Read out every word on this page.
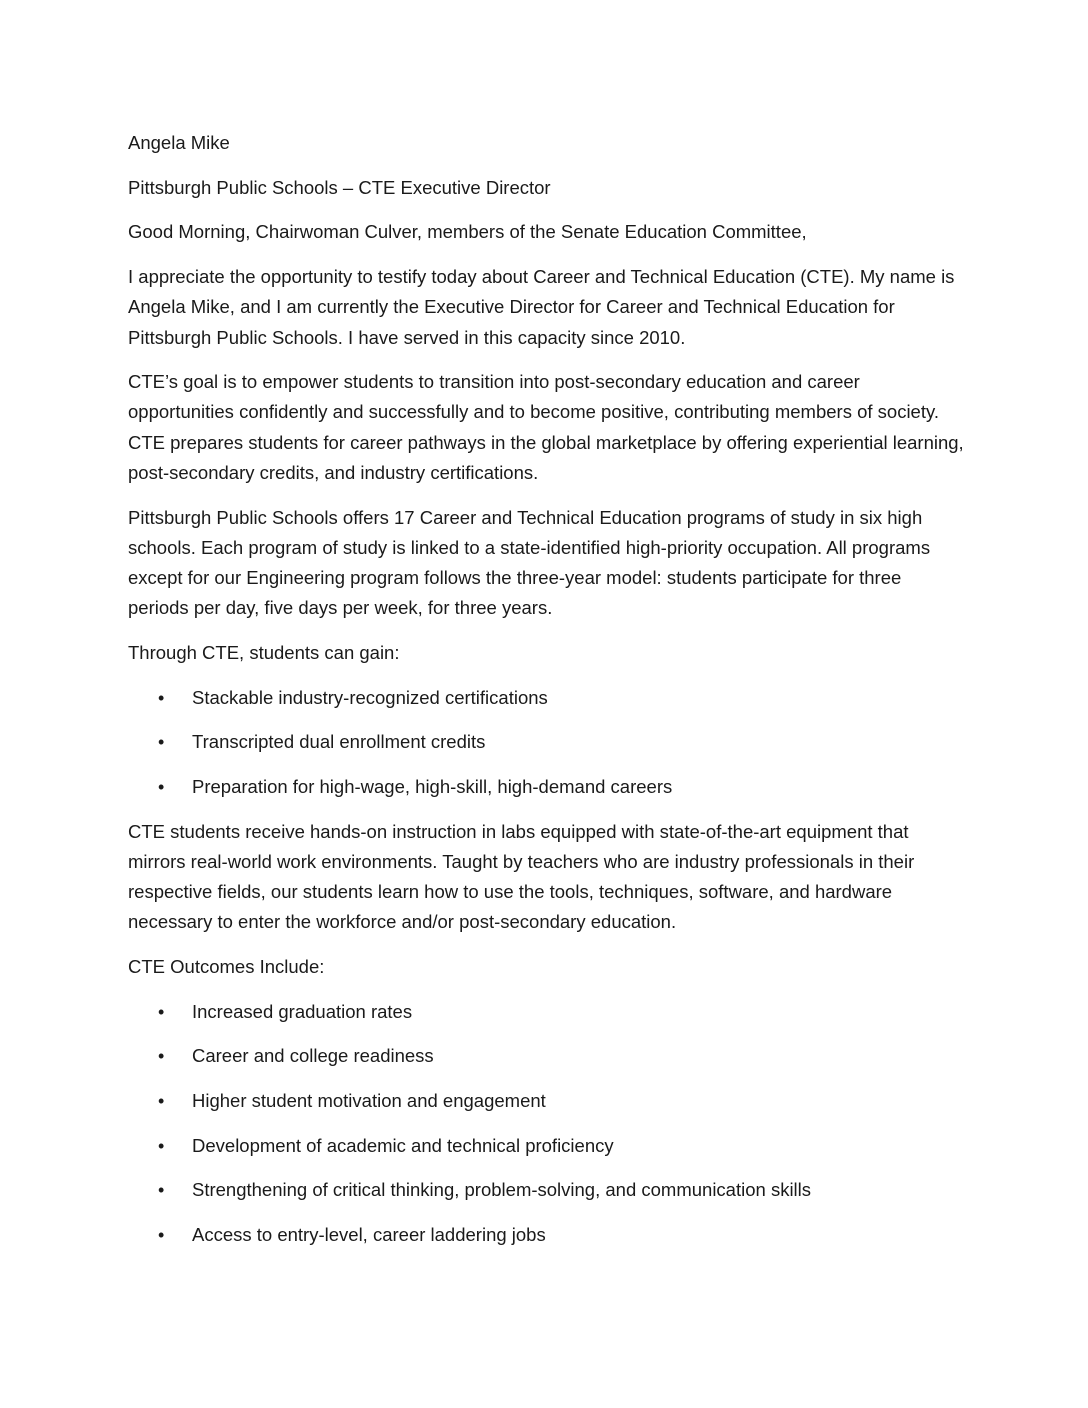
Angela Mike

Pittsburgh Public Schools – CTE Executive Director

Good Morning, Chairwoman Culver, members of the Senate Education Committee,

I appreciate the opportunity to testify today about Career and Technical Education (CTE). My name is Angela Mike, and I am currently the Executive Director for Career and Technical Education for Pittsburgh Public Schools. I have served in this capacity since 2010.

CTE’s goal is to empower students to transition into post-secondary education and career opportunities confidently and successfully and to become positive, contributing members of society. CTE prepares students for career pathways in the global marketplace by offering experiential learning, post-secondary credits, and industry certifications.

Pittsburgh Public Schools offers 17 Career and Technical Education programs of study in six high schools. Each program of study is linked to a state-identified high-priority occupation. All programs except for our Engineering program follows the three-year model: students participate for three periods per day, five days per week, for three years.

Through CTE, students can gain:

• Stackable industry-recognized certifications
• Transcripted dual enrollment credits
• Preparation for high-wage, high-skill, high-demand careers

CTE students receive hands-on instruction in labs equipped with state-of-the-art equipment that mirrors real-world work environments. Taught by teachers who are industry professionals in their respective fields, our students learn how to use the tools, techniques, software, and hardware necessary to enter the workforce and/or post-secondary education.

CTE Outcomes Include:

• Increased graduation rates
• Career and college readiness
• Higher student motivation and engagement
• Development of academic and technical proficiency
• Strengthening of critical thinking, problem-solving, and communication skills
• Access to entry-level, career laddering jobs
